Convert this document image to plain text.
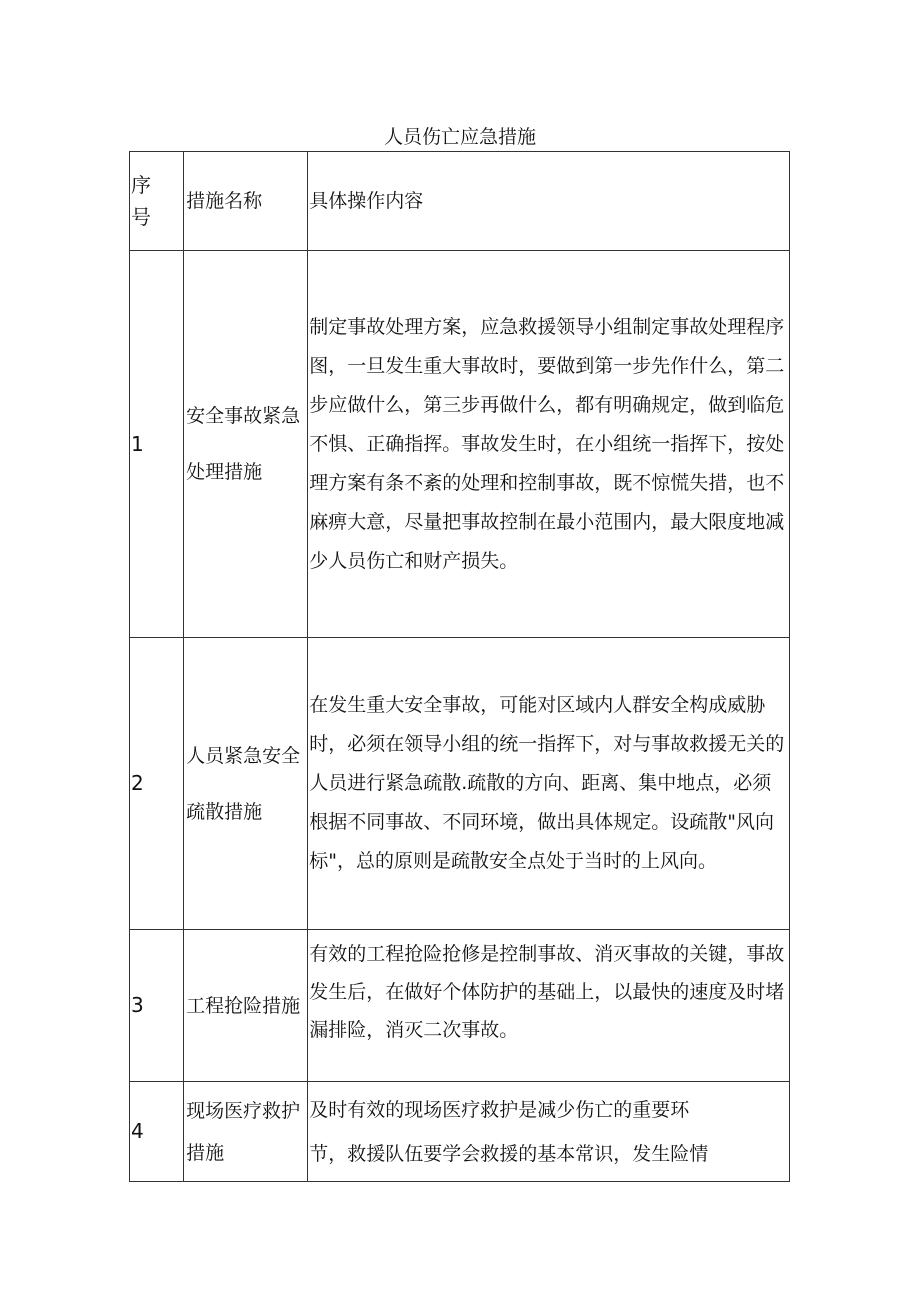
人员伤亡应急措施
序号	措施名称	具体操作内容

1	安全事故紧急处理措施	制定事故处理方案，应急救援领导小组制定事故处理程序图，一旦发生重大事故时，要做到第一步先作什么，第二步应做什么，第三步再做什么，都有明确规定，做到临危不惧、正确指挥。事故发生时，在小组统一指挥下，按处理方案有条不紊的处理和控制事故，既不惊慌失措，也不麻痹大意，尽量把事故控制在最小范围内，最大限度地减少人员伤亡和财产损失。

2	人员紧急安全疏散措施	在发生重大安全事故，可能对区域内人群安全构成威胁时，必须在领导小组的统一指挥下，对与事故救援无关的人员进行紧急疏散.疏散的方向、距离、集中地点，必须根据不同事故、不同环境，做出具体规定。设疏散"风向标"，总的原则是疏散安全点处于当时的上风向。

3	工程抢险措施	有效的工程抢险抢修是控制事故、消灭事故的关键，事故发生后，在做好个体防护的基础上，以最快的速度及时堵漏排险，消灭二次事故。

4	现场医疗救护措施	及时有效的现场医疗救护是减少伤亡的重要环
节，救援队伍要学会救援的基本常识，发生险情
